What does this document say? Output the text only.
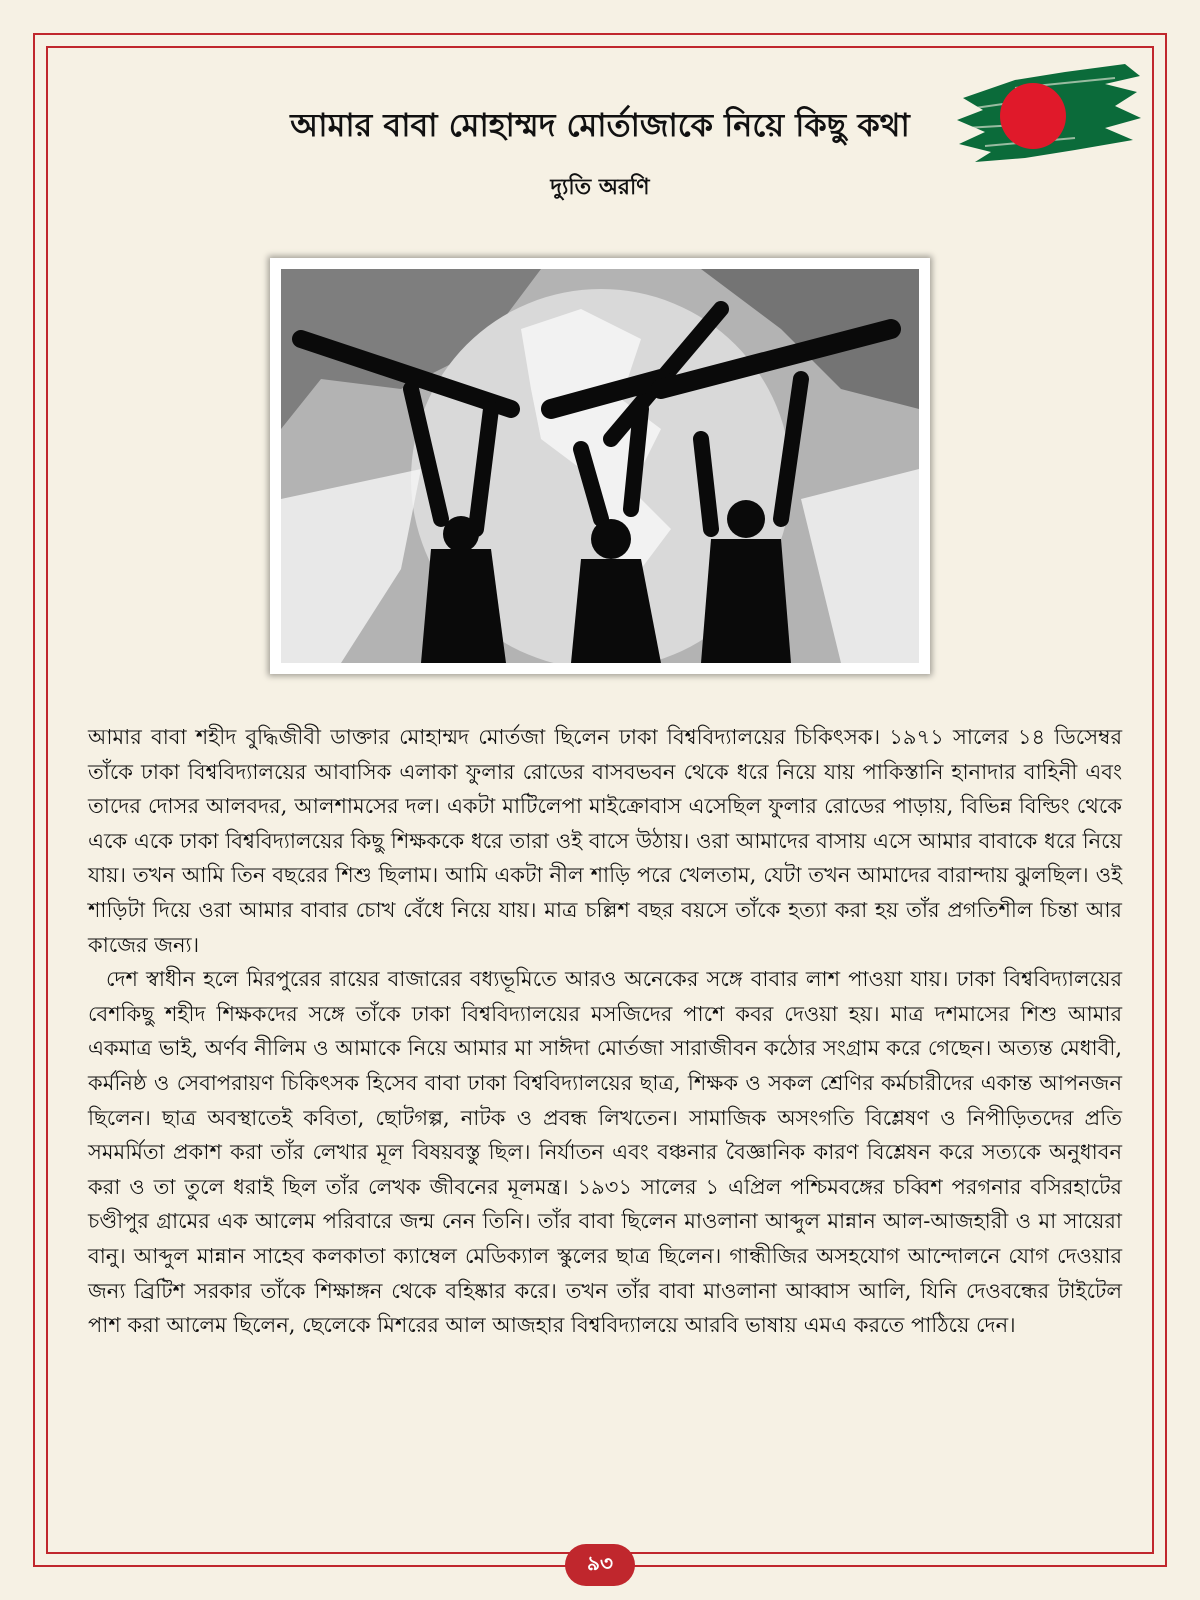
আমার বাবা মোহাম্মদ মোর্তাজাকে নিয়ে কিছু কথা
দ্যুতি অরণি

আমার বাবা শহীদ বুদ্ধিজীবী ডাক্তার মোহাম্মদ মোর্তজা ছিলেন ঢাকা বিশ্ববিদ্যালয়ের চিকিৎসক। ১৯৭১ সালের ১৪ ডিসেম্বর তাঁকে ঢাকা বিশ্ববিদ্যালয়ের আবাসিক এলাকা ফুলার রোডের বাসবভবন থেকে ধরে নিয়ে যায় পাকিস্তানি হানাদার বাহিনী এবং তাদের দোসর আলবদর, আলশামসের দল। একটা মাটিলেপা মাইক্রোবাস এসেছিল ফুলার রোডের পাড়ায়, বিভিন্ন বিল্ডিং থেকে একে একে ঢাকা বিশ্ববিদ্যালয়ের কিছু শিক্ষককে ধরে তারা ওই বাসে উঠায়। ওরা আমাদের বাসায় এসে আমার বাবাকে ধরে নিয়ে যায়। তখন আমি তিন বছরের শিশু ছিলাম। আমি একটা নীল শাড়ি পরে খেলতাম, যেটা তখন আমাদের বারান্দায় ঝুলছিল। ওই শাড়িটা দিয়ে ওরা আমার বাবার চোখ বেঁধে নিয়ে যায়। মাত্র চল্লিশ বছর বয়সে তাঁকে হত্যা করা হয় তাঁর প্রগতিশীল চিন্তা আর কাজের জন্য।

দেশ স্বাধীন হলে মিরপুরের রায়ের বাজারের বধ্যভূমিতে আরও অনেকের সঙ্গে বাবার লাশ পাওয়া যায়। ঢাকা বিশ্ববিদ্যালয়ের বেশকিছু শহীদ শিক্ষকদের সঙ্গে তাঁকে ঢাকা বিশ্ববিদ্যালয়ের মসজিদের পাশে কবর দেওয়া হয়। মাত্র দশমাসের শিশু আমার একমাত্র ভাই, অর্ণব নীলিম ও আমাকে নিয়ে আমার মা সাঈদা মোর্তজা সারাজীবন কঠোর সংগ্রাম করে গেছেন। অত্যন্ত মেধাবী, কর্মনিষ্ঠ ও সেবাপরায়ণ চিকিৎসক হিসেব বাবা ঢাকা বিশ্ববিদ্যালয়ের ছাত্র, শিক্ষক ও সকল শ্রেণির কর্মচারীদের একান্ত আপনজন ছিলেন। ছাত্র অবস্থাতেই কবিতা, ছোটগল্প, নাটক ও প্রবন্ধ লিখতেন। সামাজিক অসংগতি বিশ্লেষণ ও নিপীড়িতদের প্রতি সমমর্মিতা প্রকাশ করা তাঁর লেখার মূল বিষয়বস্তু ছিল। নির্যাতন এবং বঞ্চনার বৈজ্ঞানিক কারণ বিশ্লেষন করে সত্যকে অনুধাবন করা ও তা তুলে ধরাই ছিল তাঁর লেখক জীবনের মূলমন্ত্র। ১৯৩১ সালের ১ এপ্রিল পশ্চিমবঙ্গের চব্বিশ পরগনার বসিরহাটের চণ্ডীপুর গ্রামের এক আলেম পরিবারে জন্ম নেন তিনি। তাঁর বাবা ছিলেন মাওলানা আব্দুল মান্নান আল-আজহারী ও মা সায়েরা বানু। আব্দুল মান্নান সাহেব কলকাতা ক্যাম্বেল মেডিক্যাল স্কুলের ছাত্র ছিলেন। গান্ধীজির অসহযোগ আন্দোলনে যোগ দেওয়ার জন্য ব্রিটিশ সরকার তাঁকে শিক্ষাঙ্গন থেকে বহিষ্কার করে। তখন তাঁর বাবা মাওলানা আব্বাস আলি, যিনি দেওবন্ধের টাইটেল পাশ করা আলেম ছিলেন, ছেলেকে মিশরের আল আজহার বিশ্ববিদ্যালয়ে আরবি ভাষায় এমএ করতে পাঠিয়ে দেন।

৯৩
